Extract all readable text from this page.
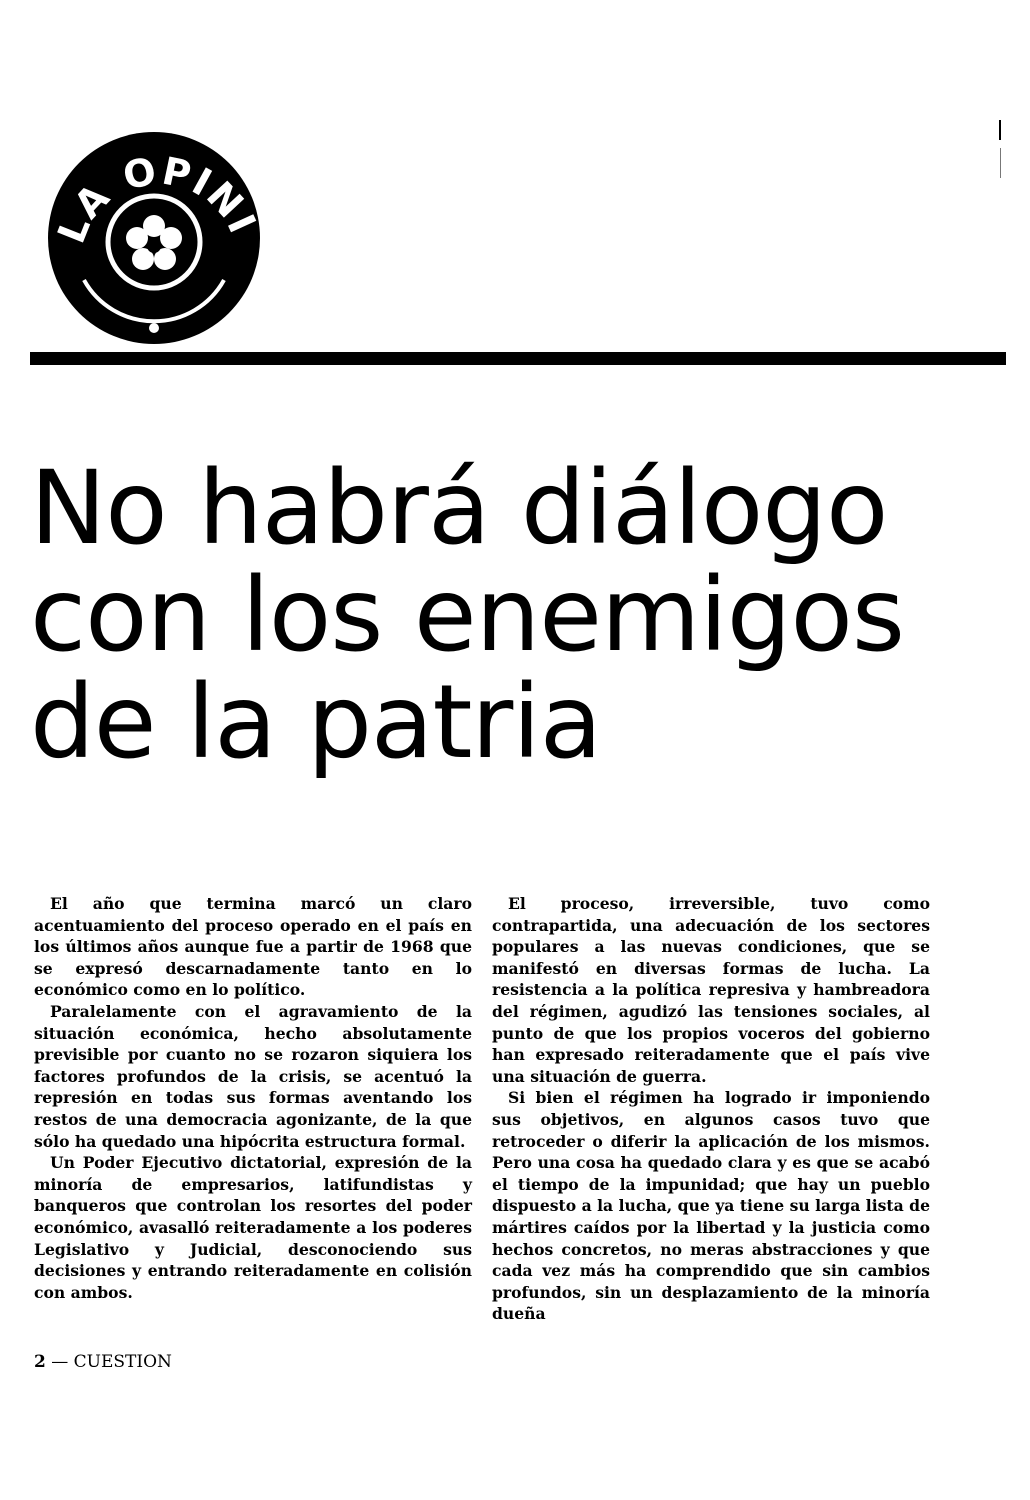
LA OPINI
No habrá diálogo
con los enemigos
de la patria

El año que termina marcó un claro acentuamiento del proceso operado en el país en los últimos años aunque fue a partir de 1968 que se expresó descarnadamente tanto en lo económico como en lo político.

Paralelamente con el agravamiento de la situación económica, hecho absolutamente previsible por cuanto no se rozaron siquiera los factores profundos de la crisis, se acentuó la represión en todas sus formas aventando los restos de una democracia agonizante, de la que sólo ha quedado una hipócrita estructura formal.

Un Poder Ejecutivo dictatorial, expresión de la minoría de empresarios, latifundistas y banqueros que controlan los resortes del poder económico, avasalló reiteradamente a los poderes Legislativo y Judicial, desconociendo sus decisiones y entrando reiteradamente en colisión con ambos.

El proceso, irreversible, tuvo como contrapartida, una adecuación de los sectores populares a las nuevas condiciones, que se manifestó en diversas formas de lucha. La resistencia a la política represiva y hambreadora del régimen, agudizó las tensiones sociales, al punto de que los propios voceros del gobierno han expresado reiteradamente que el país vive una situación de guerra.

Si bien el régimen ha logrado ir imponiendo sus objetivos, en algunos casos tuvo que retroceder o diferir la aplicación de los mismos. Pero una cosa ha quedado clara y es que se acabó el tiempo de la impunidad; que hay un pueblo dispuesto a la lucha, que ya tiene su larga lista de mártires caídos por la libertad y la justicia como hechos concretos, no meras abstracciones y que cada vez más ha comprendido que sin cambios profundos, sin un desplazamiento de la minoría dueña

2 — CUESTION
